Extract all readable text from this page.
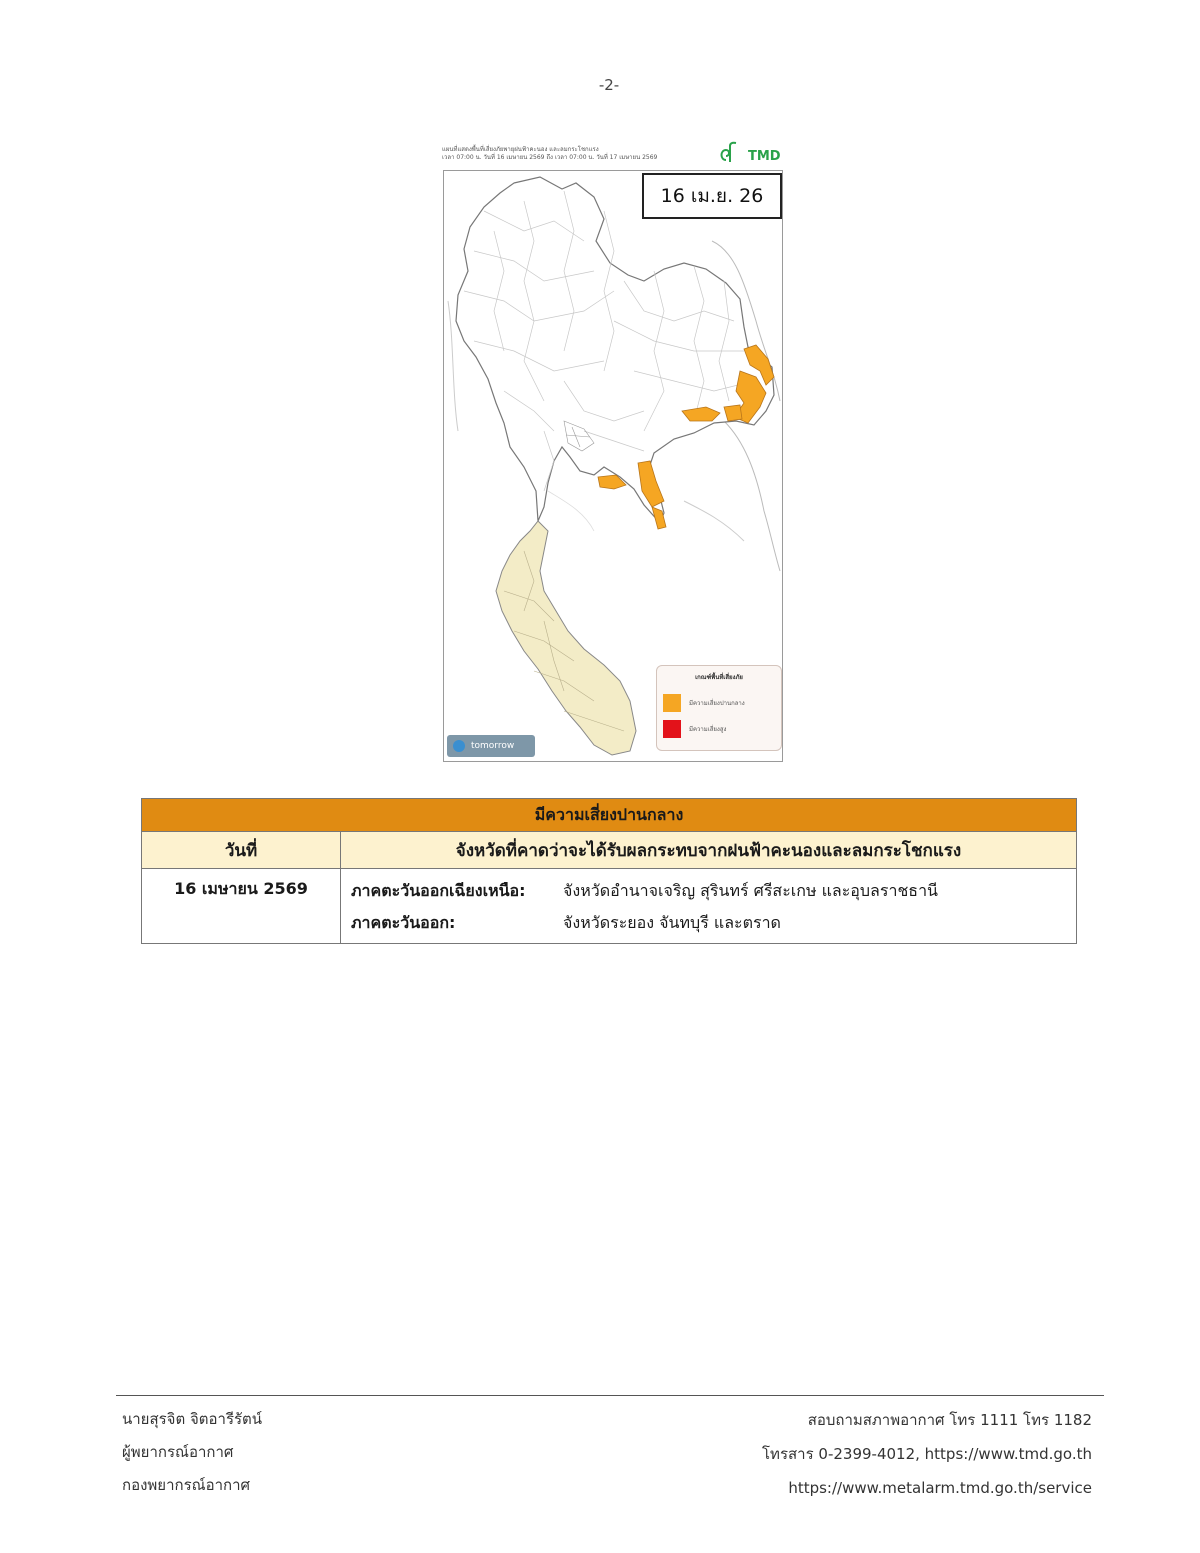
-2-
แผนที่แสดงพื้นที่เสี่ยงภัยพายุฝนฟ้าคะนอง และลมกระโชกแรง
เวลา 07:00 น. วันที่ 16 เมษายน 2569 ถึง เวลา 07:00 น. วันที่ 17 เมษายน 2569	TMD
16 เม.ย. 26
เกณฑ์พื้นที่เสี่ยงภัย
มีความเสี่ยงปานกลาง
มีความเสี่ยงสูง
tomorrow
มีความเสี่ยงปานกลาง	
วันที่	จังหวัดที่คาดว่าจะได้รับผลกระทบจากฝนฟ้าคะนองและลมกระโชกแรง
16 เมษายน 2569	ภาคตะวันออกเฉียงเหนือ: จังหวัดอำนาจเจริญ สุรินทร์ ศรีสะเกษ และอุบลราชธานี
ภาคตะวันออก: จังหวัดระยอง จันทบุรี และตราด
นายสุรจิต จิตอารีรัตน์
ผู้พยากรณ์อากาศ
กองพยากรณ์อากาศ
สอบถามสภาพอากาศ โทร 1111 โทร 1182
โทรสาร 0-2399-4012, https://www.tmd.go.th
https://www.metalarm.tmd.go.th/service
